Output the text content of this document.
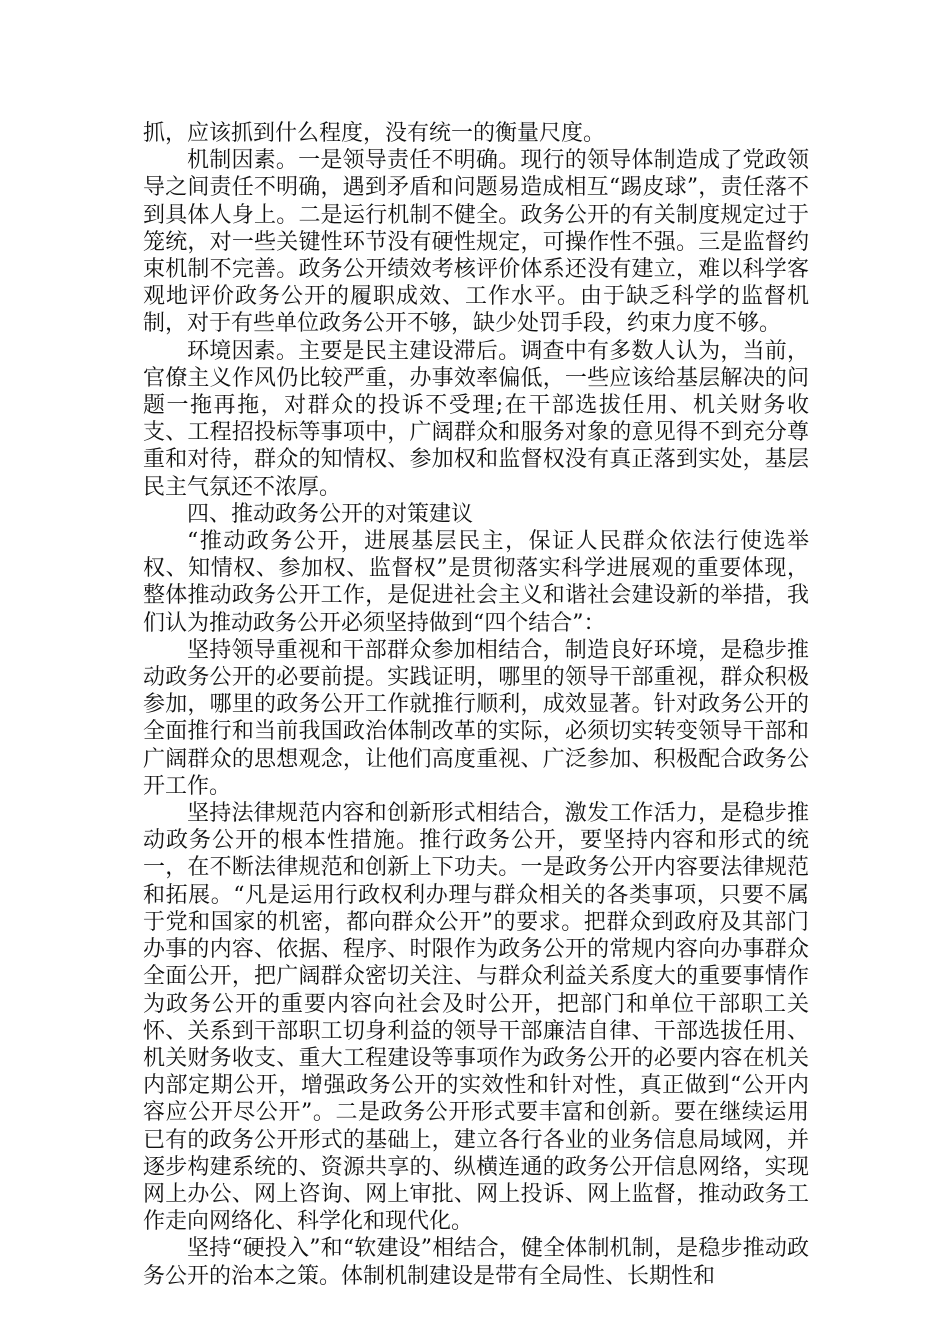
抓，应该抓到什么程度，没有统一的衡量尺度。

机制因素。一是领导责任不明确。现行的领导体制造成了党政领导之间责任不明确，遇到矛盾和问题易造成相互“踢皮球”，责任落不到具体人身上。二是运行机制不健全。政务公开的有关制度规定过于笼统，对一些关键性环节没有硬性规定，可操作性不强。三是监督约束机制不完善。政务公开绩效考核评价体系还没有建立，难以科学客观地评价政务公开的履职成效、工作水平。由于缺乏科学的监督机制，对于有些单位政务公开不够，缺少处罚手段，约束力度不够。

环境因素。主要是民主建设滞后。调查中有多数人认为，当前，官僚主义作风仍比较严重，办事效率偏低，一些应该给基层解决的问题一拖再拖，对群众的投诉不受理;在干部选拔任用、机关财务收支、工程招投标等事项中，广阔群众和服务对象的意见得不到充分尊重和对待，群众的知情权、参加权和监督权没有真正落到实处，基层民主气氛还不浓厚。

四、推动政务公开的对策建议

“推动政务公开，进展基层民主，保证人民群众依法行使选举权、知情权、参加权、监督权”是贯彻落实科学进展观的重要体现，整体推动政务公开工作，是促进社会主义和谐社会建设新的举措，我们认为推动政务公开必须坚持做到“四个结合”：

坚持领导重视和干部群众参加相结合，制造良好环境，是稳步推动政务公开的必要前提。实践证明，哪里的领导干部重视，群众积极参加，哪里的政务公开工作就推行顺利，成效显著。针对政务公开的全面推行和当前我国政治体制改革的实际，必须切实转变领导干部和广阔群众的思想观念，让他们高度重视、广泛参加、积极配合政务公开工作。

坚持法律规范内容和创新形式相结合，激发工作活力，是稳步推动政务公开的根本性措施。推行政务公开，要坚持内容和形式的统一，在不断法律规范和创新上下功夫。一是政务公开内容要法律规范和拓展。“凡是运用行政权利办理与群众相关的各类事项，只要不属于党和国家的机密，都向群众公开”的要求。把群众到政府及其部门办事的内容、依据、程序、时限作为政务公开的常规内容向办事群众全面公开，把广阔群众密切关注、与群众利益关系度大的重要事情作为政务公开的重要内容向社会及时公开，把部门和单位干部职工关怀、关系到干部职工切身利益的领导干部廉洁自律、干部选拔任用、机关财务收支、重大工程建设等事项作为政务公开的必要内容在机关内部定期公开，增强政务公开的实效性和针对性，真正做到“公开内容应公开尽公开”。二是政务公开形式要丰富和创新。要在继续运用已有的政务公开形式的基础上，建立各行各业的业务信息局域网，并逐步构建系统的、资源共享的、纵横连通的政务公开信息网络，实现网上办公、网上咨询、网上审批、网上投诉、网上监督，推动政务工作走向网络化、科学化和现代化。

坚持“硬投入”和“软建设”相结合，健全体制机制，是稳步推动政务公开的治本之策。体制机制建设是带有全局性、长期性和
